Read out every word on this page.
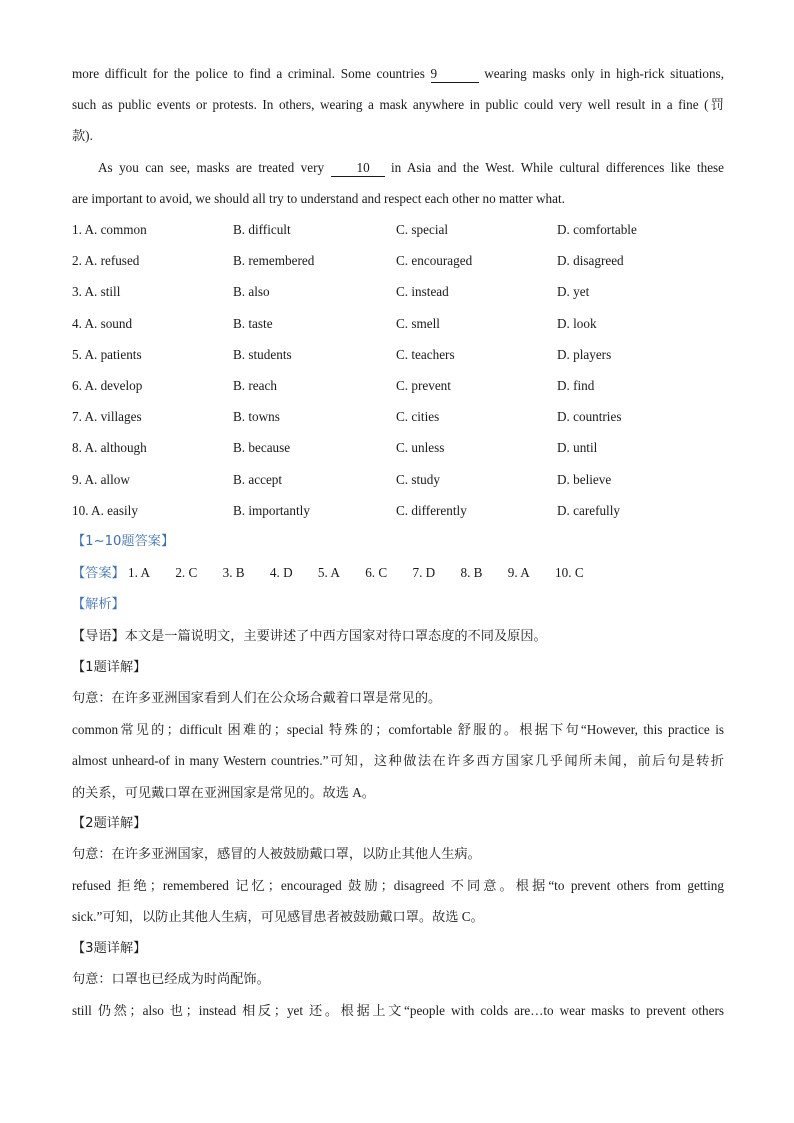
more difficult for the police to find a criminal. Some countries 9	wearing masks only in high-rick situations,
such as public events or protests. In others, wearing a mask anywhere in public could very well result in a fine (罚
款).
As you can see, masks are treated very 10 in Asia and the West. While cultural differences like these
are important to avoid, we should all try to understand and respect each other no matter what.
1. A. common	B. difficult	C. special	D. comfortable
2. A. refused	B. remembered	C. encouraged	D. disagreed
3. A. still	B. also	C. instead	D. yet
4. A. sound	B. taste	C. smell	D. look
5. A. patients	B. students	C. teachers	D. players
6. A. develop	B. reach	C. prevent	D. find
7. A. villages	B. towns	C. cities	D. countries
8. A. although	B. because	C. unless	D. until
9. A. allow	B. accept	C. study	D. believe
10. A. easily	B. importantly	C. differently	D. carefully
【1~10题答案】
【答案】 1. A 2. C 3. B 4. D 5. A 6. C 7. D 8. B 9. A 10. C
【解析】
【导语】本文是一篇说明文，主要讲述了中西方国家对待口罩态度的不同及原因。
【1题详解】
句意：在许多亚洲国家看到人们在公众场合戴着口罩是常见的。
common常见的；difficult 困难的；special 特殊的；comfortable 舒服的。根据下句“However, this practice is
almost unheard-of in many Western countries.”可知，这种做法在许多西方国家几乎闻所未闻，前后句是转折
的关系，可见戴口罩在亚洲国家是常见的。故选 A。
【2题详解】
句意：在许多亚洲国家，感冒的人被鼓励戴口罩，以防止其他人生病。
refused 拒绝；remembered 记忆；encouraged 鼓励；disagreed 不同意。根据“to prevent others from getting
sick.”可知，以防止其他人生病，可见感冒患者被鼓励戴口罩。故选 C。
【3题详解】
句意：口罩也已经成为时尚配饰。
still 仍然；also 也；instead 相反；yet 还。根据上文“people with colds are…to wear masks to prevent others
